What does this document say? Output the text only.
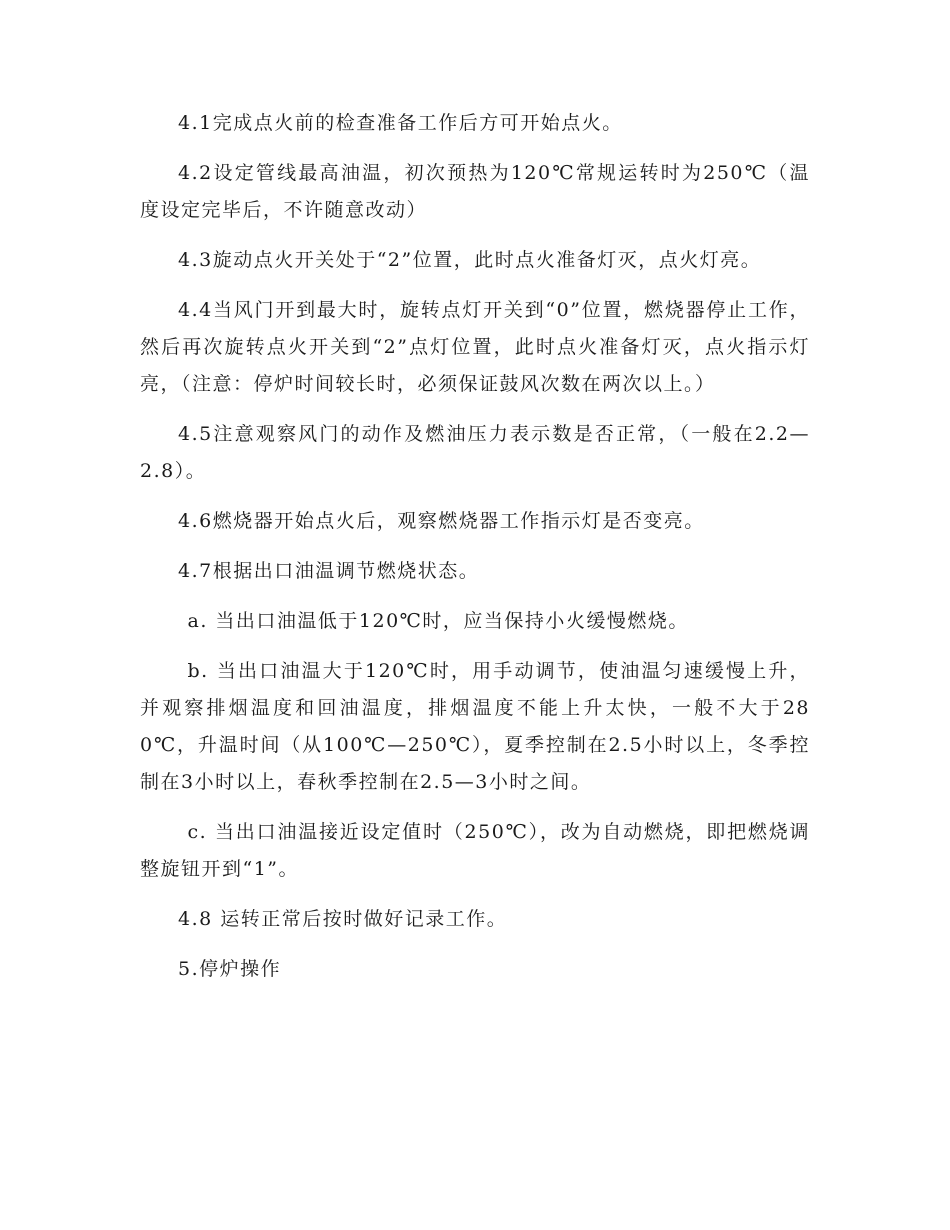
4.1完成点火前的检查准备工作后方可开始点火。

4.2设定管线最高油温，初次预热为120℃常规运转时为250℃（温度设定完毕后，不许随意改动）

4.3旋动点火开关处于“2”位置，此时点火准备灯灭，点火灯亮。

4.4当风门开到最大时，旋转点灯开关到“0”位置，燃烧器停止工作，然后再次旋转点火开关到“2”点灯位置，此时点火准备灯灭，点火指示灯亮，（注意：停炉时间较长时，必须保证鼓风次数在两次以上。）

4.5注意观察风门的动作及燃油压力表示数是否正常，（一般在2.2—2.8）。

4.6燃烧器开始点火后，观察燃烧器工作指示灯是否变亮。

4.7根据出口油温调节燃烧状态。

a. 当出口油温低于120℃时，应当保持小火缓慢燃烧。

b. 当出口油温大于120℃时，用手动调节，使油温匀速缓慢上升，并观察排烟温度和回油温度，排烟温度不能上升太快，一般不大于280℃，升温时间（从100℃—250℃），夏季控制在2.5小时以上，冬季控制在3小时以上，春秋季控制在2.5—3小时之间。

c. 当出口油温接近设定值时（250℃），改为自动燃烧，即把燃烧调整旋钮开到“1”。

4.8 运转正常后按时做好记录工作。

5.停炉操作
